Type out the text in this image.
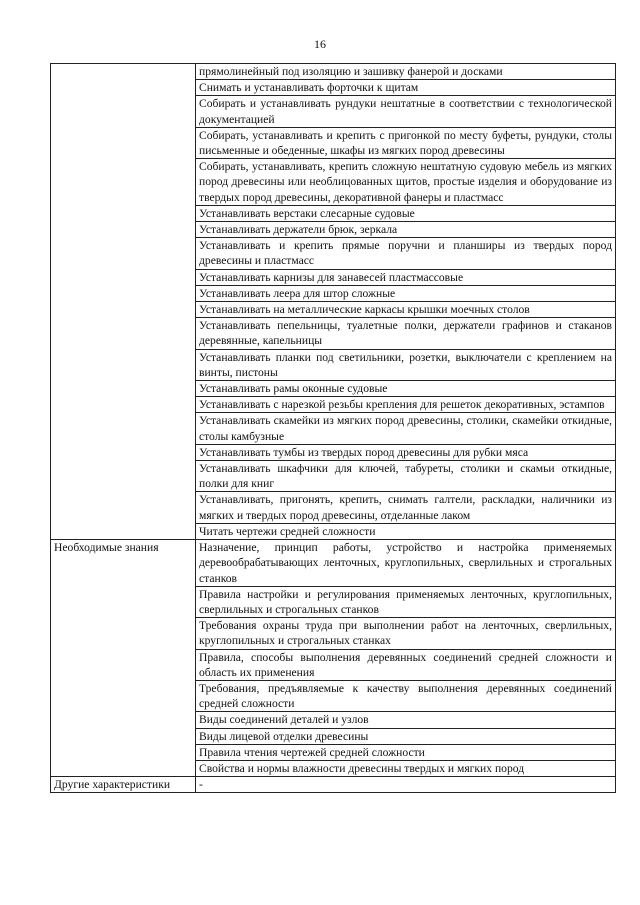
16
	прямолинейный под изоляцию и зашивку фанерой и досками
	Снимать и устанавливать форточки к щитам
	Собирать и устанавливать рундуки нештатные в соответствии с технологической документацией
	Собирать, устанавливать и крепить с пригонкой по месту буфеты, рундуки, столы письменные и обеденные, шкафы из мягких пород древесины
	Собирать, устанавливать, крепить сложную нештатную судовую мебель из мягких пород древесины или необлицованных щитов, простые изделия и оборудование из твердых пород древесины, декоративной фанеры и пластмасс
	Устанавливать верстаки слесарные судовые
	Устанавливать держатели брюк, зеркала
	Устанавливать и крепить прямые поручни и планширы из твердых пород древесины и пластмасс
	Устанавливать карнизы для занавесей пластмассовые
	Устанавливать леера для штор сложные
	Устанавливать на металлические каркасы крышки моечных столов
	Устанавливать пепельницы, туалетные полки, держатели графинов и стаканов деревянные, капельницы
	Устанавливать планки под светильники, розетки, выключатели с креплением на винты, пистоны
	Устанавливать рамы оконные судовые
	Устанавливать с нарезкой резьбы крепления для решеток декоративных, эстампов
	Устанавливать скамейки из мягких пород древесины, столики, скамейки откидные, столы камбузные
	Устанавливать тумбы из твердых пород древесины для рубки мяса
	Устанавливать шкафчики для ключей, табуреты, столики и скамьи откидные, полки для книг
	Устанавливать, пригонять, крепить, снимать галтели, раскладки, наличники из мягких и твердых пород древесины, отделанные лаком
	Читать чертежи средней сложности
Необходимые знания	Назначение, принцип работы, устройство и настройка применяемых деревообрабатывающих ленточных, круглопильных, сверлильных и строгальных станков
	Правила настройки и регулирования применяемых ленточных, круглопильных, сверлильных и строгальных станков
	Требования охраны труда при выполнении работ на ленточных, сверлильных, круглопильных и строгальных станках
	Правила, способы выполнения деревянных соединений средней сложности и область их применения
	Требования, предъявляемые к качеству выполнения деревянных соединений средней сложности
	Виды соединений деталей и узлов
	Виды лицевой отделки древесины
	Правила чтения чертежей средней сложности
	Свойства и нормы влажности древесины твердых и мягких пород
Другие характеристики	-
